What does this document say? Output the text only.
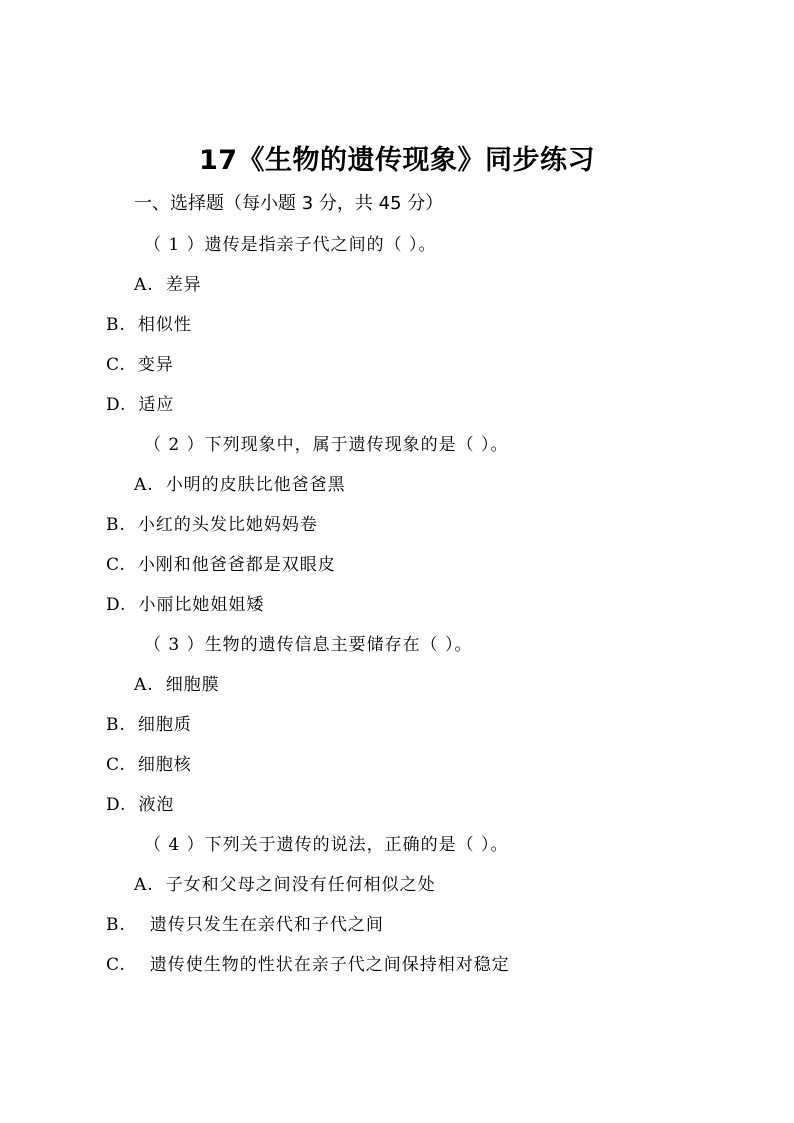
17《生物的遗传现象》同步练习
一、选择题（每小题 3 分，共 45 分）
（ 1 ）遗传是指亲子代之间的（ ）。
A. 差异
B. 相似性
C. 变异
D. 适应
（ 2 ）下列现象中，属于遗传现象的是（ ）。
A. 小明的皮肤比他爸爸黑
B. 小红的头发比她妈妈卷
C. 小刚和他爸爸都是双眼皮
D. 小丽比她姐姐矮
（ 3 ）生物的遗传信息主要储存在（ ）。
A. 细胞膜
B. 细胞质
C. 细胞核
D. 液泡
（ 4 ）下列关于遗传的说法，正确的是（ ）。
A. 子女和父母之间没有任何相似之处
B. 遗传只发生在亲代和子代之间
C. 遗传使生物的性状在亲子代之间保持相对稳定
